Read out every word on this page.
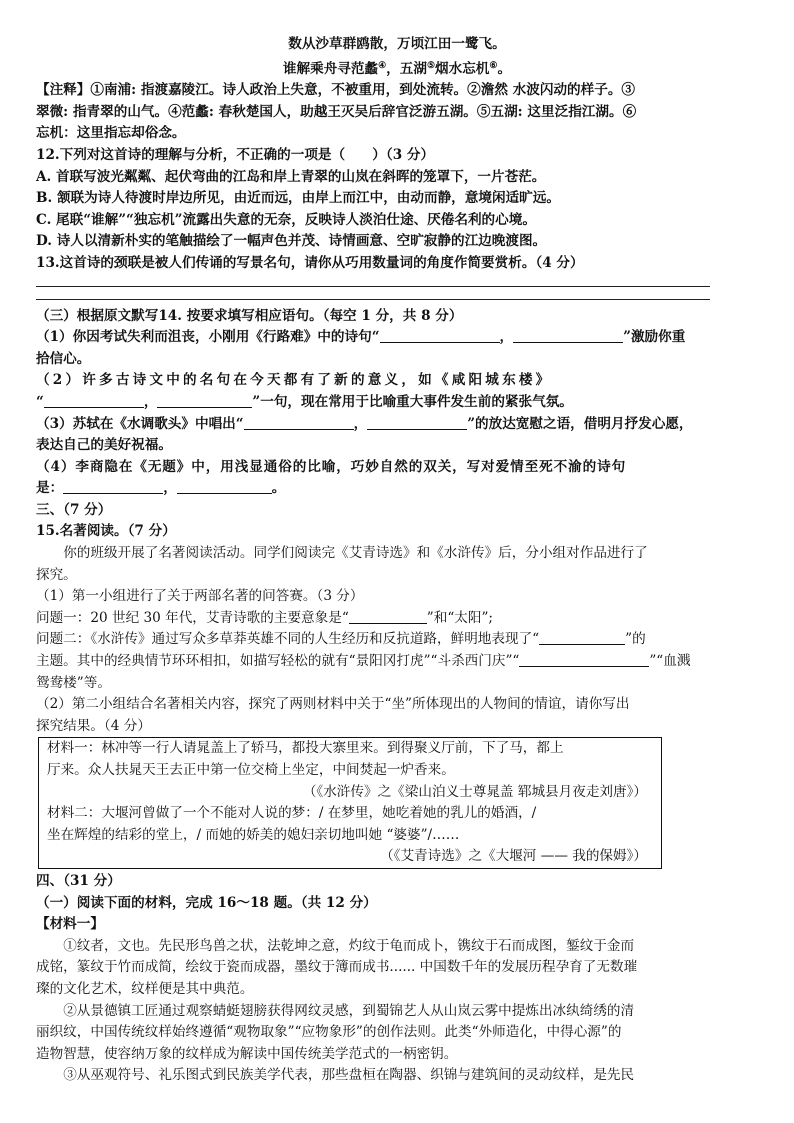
数从沙草群鸥散，万顷江田一鹭飞。

谁解乘舟寻范蠡④，五湖⑤烟水忘机⑥。

【注释】①南浦: 指渡嘉陵江。诗人政治上失意，不被重用，到处流转。②澹然 水波闪动的样子。③

翠微: 指青翠的山气。④范蠡: 春秋楚国人，助越王灭吴后辞官泛游五湖。⑤五湖: 这里泛指江湖。⑥

忘机：这里指忘却俗念。

12.下列对这首诗的理解与分析，不正确的一项是（　　）（3 分）

A. 首联写波光粼粼、起伏弯曲的江岛和岸上青翠的山岚在斜晖的笼罩下，一片苍茫。

B. 颔联为诗人待渡时岸边所见，由近而远，由岸上而江中，由动而静，意境闲适旷远。

C. 尾联“谁解”“独忘机”流露出失意的无奈，反映诗人淡泊仕途、厌倦名利的心境。

D. 诗人以清新朴实的笔触描绘了一幅声色并茂、诗情画意、空旷寂静的江边晚渡图。

13.这首诗的颈联是被人们传诵的写景名句，请你从巧用数量词的角度作简要赏析。（4 分）

（三）根据原文默写14. 按要求填写相应语句。（每空 1 分，共 8 分）

（1）你因考试失利而沮丧，小刚用《行路难》中的诗句“	，	”激励你重

拾信心。

（2）许多古诗文中的名句在今天都有了新的意义，如《咸阳城东楼》

“	，	”一句，现在常用于比喻重大事件发生前的紧张气氛。

（3）苏轼在《水调歌头》中唱出“	，	”的放达宽慰之语，借明月抒发心愿，

表达自己的美好祝福。

（4）李商隐在《无题》中，用浅显通俗的比喻，巧妙自然的双关，写对爱情至死不渝的诗句

是：	，	。

三、（7 分）

15.名著阅读。（7 分）

你的班级开展了名著阅读活动。同学们阅读完《艾青诗选》和《水浒传》后，分小组对作品进行了

探究。

（1）第一小组进行了关于两部名著的问答赛。（3 分）

问题一：20 世纪 30 年代，艾青诗歌的主要意象是“	”和“太阳”;

问题二：《水浒传》通过写众多草莽英雄不同的人生经历和反抗道路，鲜明地表现了“	”的

主题。其中的经典情节环环相扣，如描写轻松的就有“景阳冈打虎”“斗杀西门庆”“	”“血溅

鸳鸯楼”等。

（2）第二小组结合名著相关内容，探究了两则材料中关于“坐”所体现出的人物间的情谊，请你写出

探究结果。（4 分）

材料一：林冲等一行人请晁盖上了轿马，都投大寨里来。到得聚义厅前，下了马，都上

厅来。众人扶晁天王去正中第一位交椅上坐定，中间焚起一炉香来。

（《水浒传》之《梁山泊义士尊晁盖 郓城县月夜走刘唐》）

材料二：大堰河曾做了一个不能对人说的梦：/ 在梦里，她吃着她的乳儿的婚酒，/

坐在辉煌的结彩的堂上，/ 而她的娇美的媳妇亲切地叫她 “婆婆”/……

（《艾青诗选》之《大堰河 —— 我的保姆》）

四、（31 分）

（一）阅读下面的材料，完成 16～18 题。（共 12 分）

【材料一】

①纹者，文也。先民形鸟兽之状，法乾坤之意，灼纹于龟而成卜，镌纹于石而成图，錾纹于金而

成铭，篆纹于竹而成简，绘纹于瓷而成器，墨纹于簿而成书...... 中国数千年的发展历程孕育了无数璀

璨的文化艺术，纹样便是其中典范。

②从景德镇工匠通过观察蜻蜓翅膀获得网纹灵感，到蜀锦艺人从山岚云雾中提炼出冰纨绮绣的清

丽织纹，中国传统纹样始终遵循“观物取象”“应物象形”的创作法则。此类“外师造化，中得心源”的

造物智慧，使容纳万象的纹样成为解读中国传统美学范式的一柄密钥。

③从巫观符号、礼乐图式到民族美学代表，那些盘桓在陶器、织锦与建筑间的灵动纹样，是先民
